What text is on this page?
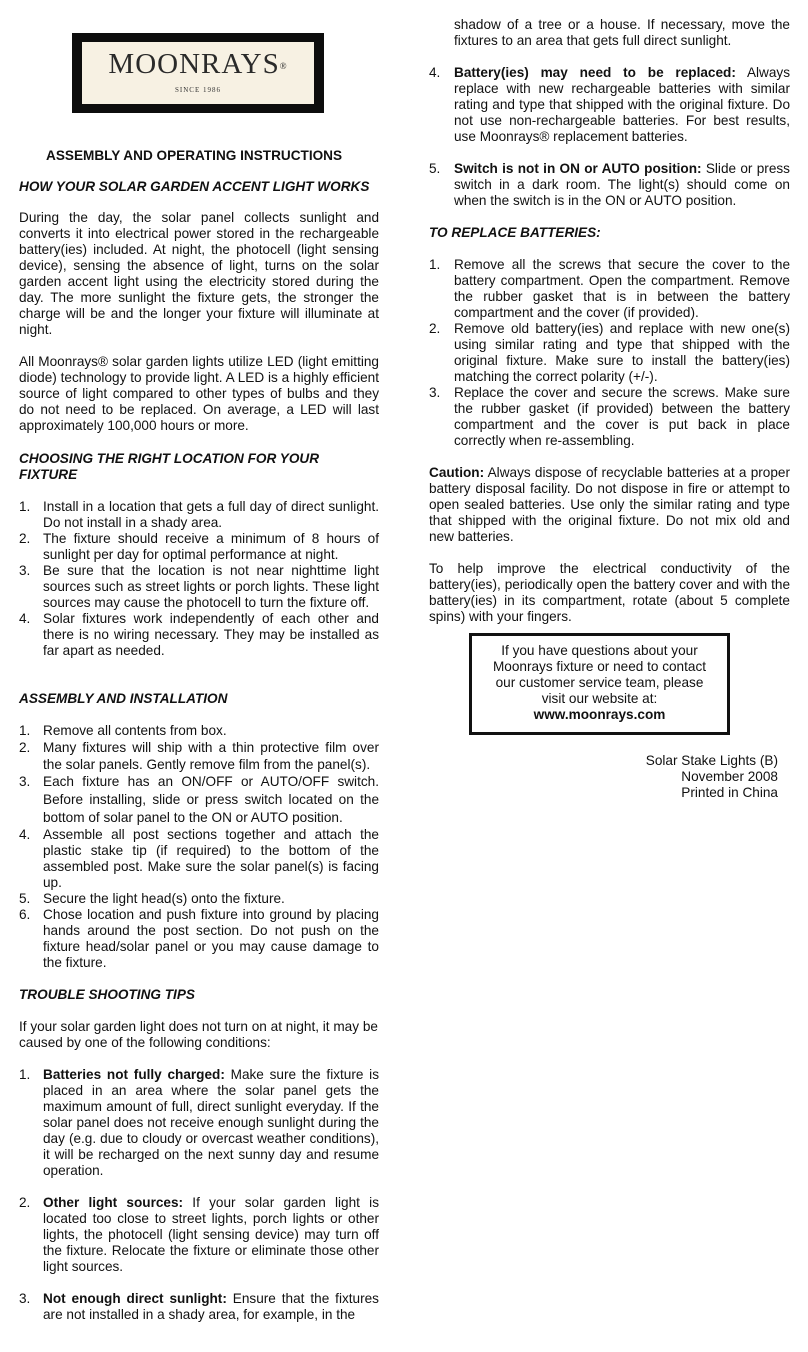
MOONRAYS®
SINCE 1986
ASSEMBLY AND OPERATING INSTRUCTIONS

HOW YOUR SOLAR GARDEN ACCENT LIGHT WORKS

During the day, the solar panel collects sunlight and converts it into electrical power stored in the rechargeable battery(ies) included. At night, the photocell (light sensing device), sensing the absence of light, turns on the solar garden accent light using the electricity stored during the day. The more sunlight the fixture gets, the stronger the charge will be and the longer your fixture will illuminate at night.

All Moonrays® solar garden lights utilize LED (light emitting diode) technology to provide light. A LED is a highly efficient source of light compared to other types of bulbs and they do not need to be replaced. On average, a LED will last approximately 100,000 hours or more.

CHOOSING THE RIGHT LOCATION FOR YOUR FIXTURE

1. Install in a location that gets a full day of direct sunlight. Do not install in a shady area.
2. The fixture should receive a minimum of 8 hours of sunlight per day for optimal performance at night.
3. Be sure that the location is not near nighttime light sources such as street lights or porch lights. These light sources may cause the photocell to turn the fixture off.
4. Solar fixtures work independently of each other and there is no wiring necessary. They may be installed as far apart as needed.

ASSEMBLY AND INSTALLATION

1. Remove all contents from box.
2. Many fixtures will ship with a thin protective film over the solar panels. Gently remove film from the panel(s).
3. Each fixture has an ON/OFF or AUTO/OFF switch. Before installing, slide or press switch located on the bottom of solar panel to the ON or AUTO position.
4. Assemble all post sections together and attach the plastic stake tip (if required) to the bottom of the assembled post. Make sure the solar panel(s) is facing up.
5. Secure the light head(s) onto the fixture.
6. Chose location and push fixture into ground by placing hands around the post section. Do not push on the fixture head/solar panel or you may cause damage to the fixture.

TROUBLE SHOOTING TIPS

If your solar garden light does not turn on at night, it may be caused by one of the following conditions:

1. Batteries not fully charged: Make sure the fixture is placed in an area where the solar panel gets the maximum amount of full, direct sunlight everyday. If the solar panel does not receive enough sunlight during the day (e.g. due to cloudy or overcast weather conditions), it will be recharged on the next sunny day and resume operation.
2. Other light sources: If your solar garden light is located too close to street lights, porch lights or other lights, the photocell (light sensing device) may turn off the fixture. Relocate the fixture or eliminate those other light sources.
3. Not enough direct sunlight: Ensure that the fixtures are not installed in a shady area, for example, in the

shadow of a tree or a house. If necessary, move the fixtures to an area that gets full direct sunlight.

4. Battery(ies) may need to be replaced: Always replace with new rechargeable batteries with similar rating and type that shipped with the original fixture. Do not use non-rechargeable batteries. For best results, use Moonrays® replacement batteries.
5. Switch is not in ON or AUTO position: Slide or press switch in a dark room. The light(s) should come on when the switch is in the ON or AUTO position.

TO REPLACE BATTERIES:

1. Remove all the screws that secure the cover to the battery compartment. Open the compartment. Remove the rubber gasket that is in between the battery compartment and the cover (if provided).
2. Remove old battery(ies) and replace with new one(s) using similar rating and type that shipped with the original fixture. Make sure to install the battery(ies) matching the correct polarity (+/-).
3. Replace the cover and secure the screws. Make sure the rubber gasket (if provided) between the battery compartment and the cover is put back in place correctly when re-assembling.

Caution: Always dispose of recyclable batteries at a proper battery disposal facility. Do not dispose in fire or attempt to open sealed batteries. Use only the similar rating and type that shipped with the original fixture. Do not mix old and new batteries.

To help improve the electrical conductivity of the battery(ies), periodically open the battery cover and with the battery(ies) in its compartment, rotate (about 5 complete spins) with your fingers.

If you have questions about your
Moonrays fixture or need to contact
our customer service team, please
visit our website at:
www.moonrays.com
Solar Stake Lights (B)
November 2008
Printed in China
